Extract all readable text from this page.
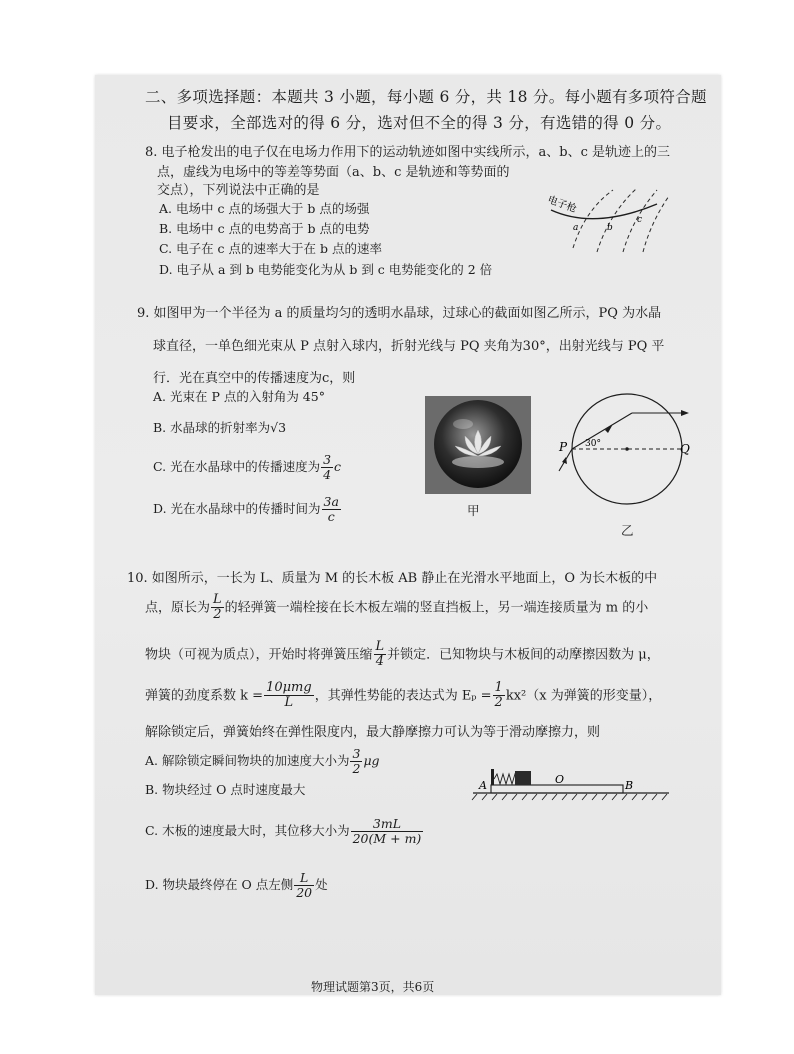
二、多项选择题：本题共 3 小题，每小题 6 分，共 18 分。每小题有多项符合题
目要求，全部选对的得 6 分，选对但不全的得 3 分，有选错的得 0 分。
8. 电子枪发出的电子仅在电场力作用下的运动轨迹如图中实线所示，a、b、c 是轨迹上的三
点，虚线为电场中的等差等势面（a、b、c 是轨迹和等势面的
交点），下列说法中正确的是
A. 电场中 c 点的场强大于 b 点的场强
B. 电场中 c 点的电势高于 b 点的电势
C. 电子在 c 点的速率大于在 b 点的速率
D. 电子从 a 到 b 电势能变化为从 b 到 c 电势能变化的 2 倍
电子枪
a	b
c
9. 如图甲为一个半径为 a 的质量均匀的透明水晶球，过球心的截面如图乙所示，PQ 为水晶
球直径，一单色细光束从 P 点射入球内，折射光线与 PQ 夹角为30°，出射光线与 PQ 平
行．光在真空中的传播速度为c，则
A. 光束在 P 点的入射角为 45°
B. 水晶球的折射率为√3
C. 光在水晶球中的传播速度为 $\frac{3}{4}$ c
D. 光在水晶球中的传播时间为 $\frac{3a}{c}$	甲
P	Q
30°
乙
10. 如图所示，一长为 L、质量为 M 的长木板 AB 静止在光滑水平地面上，O 为长木板的中
点，原长为 $\frac{L}{2}$ 的轻弹簧一端栓接在长木板左端的竖直挡板上，另一端连接质量为 m 的小
物块（可视为质点），开始时将弹簧压缩 $\frac{L}{4}$ 并锁定．已知物块与木板间的动摩擦因数为 μ，
弹簧的劲度系数 $k = \frac{\text{10μmg}}{L}$ ，其弹性势能的表达式为 $E_p = \frac{1}{2} kx^2(x$ 为弹簧的形变量），
解除锁定后，弹簧始终在弹性限度内，最大静摩擦力可认为等于滑动摩擦力，则
A. 解除锁定瞬间物块的加速度大小为 $\frac{3}{2}$ μg
B. 物块经过 O 点时速度最大
C. 木板的速度最大时，其位移大小为 $\frac{3mL}{20(M + m)}$
D. 物块最终停在 O 点左侧 $\frac{L}{20}$ 处
A	O	B
物理试题第3页，共6页
